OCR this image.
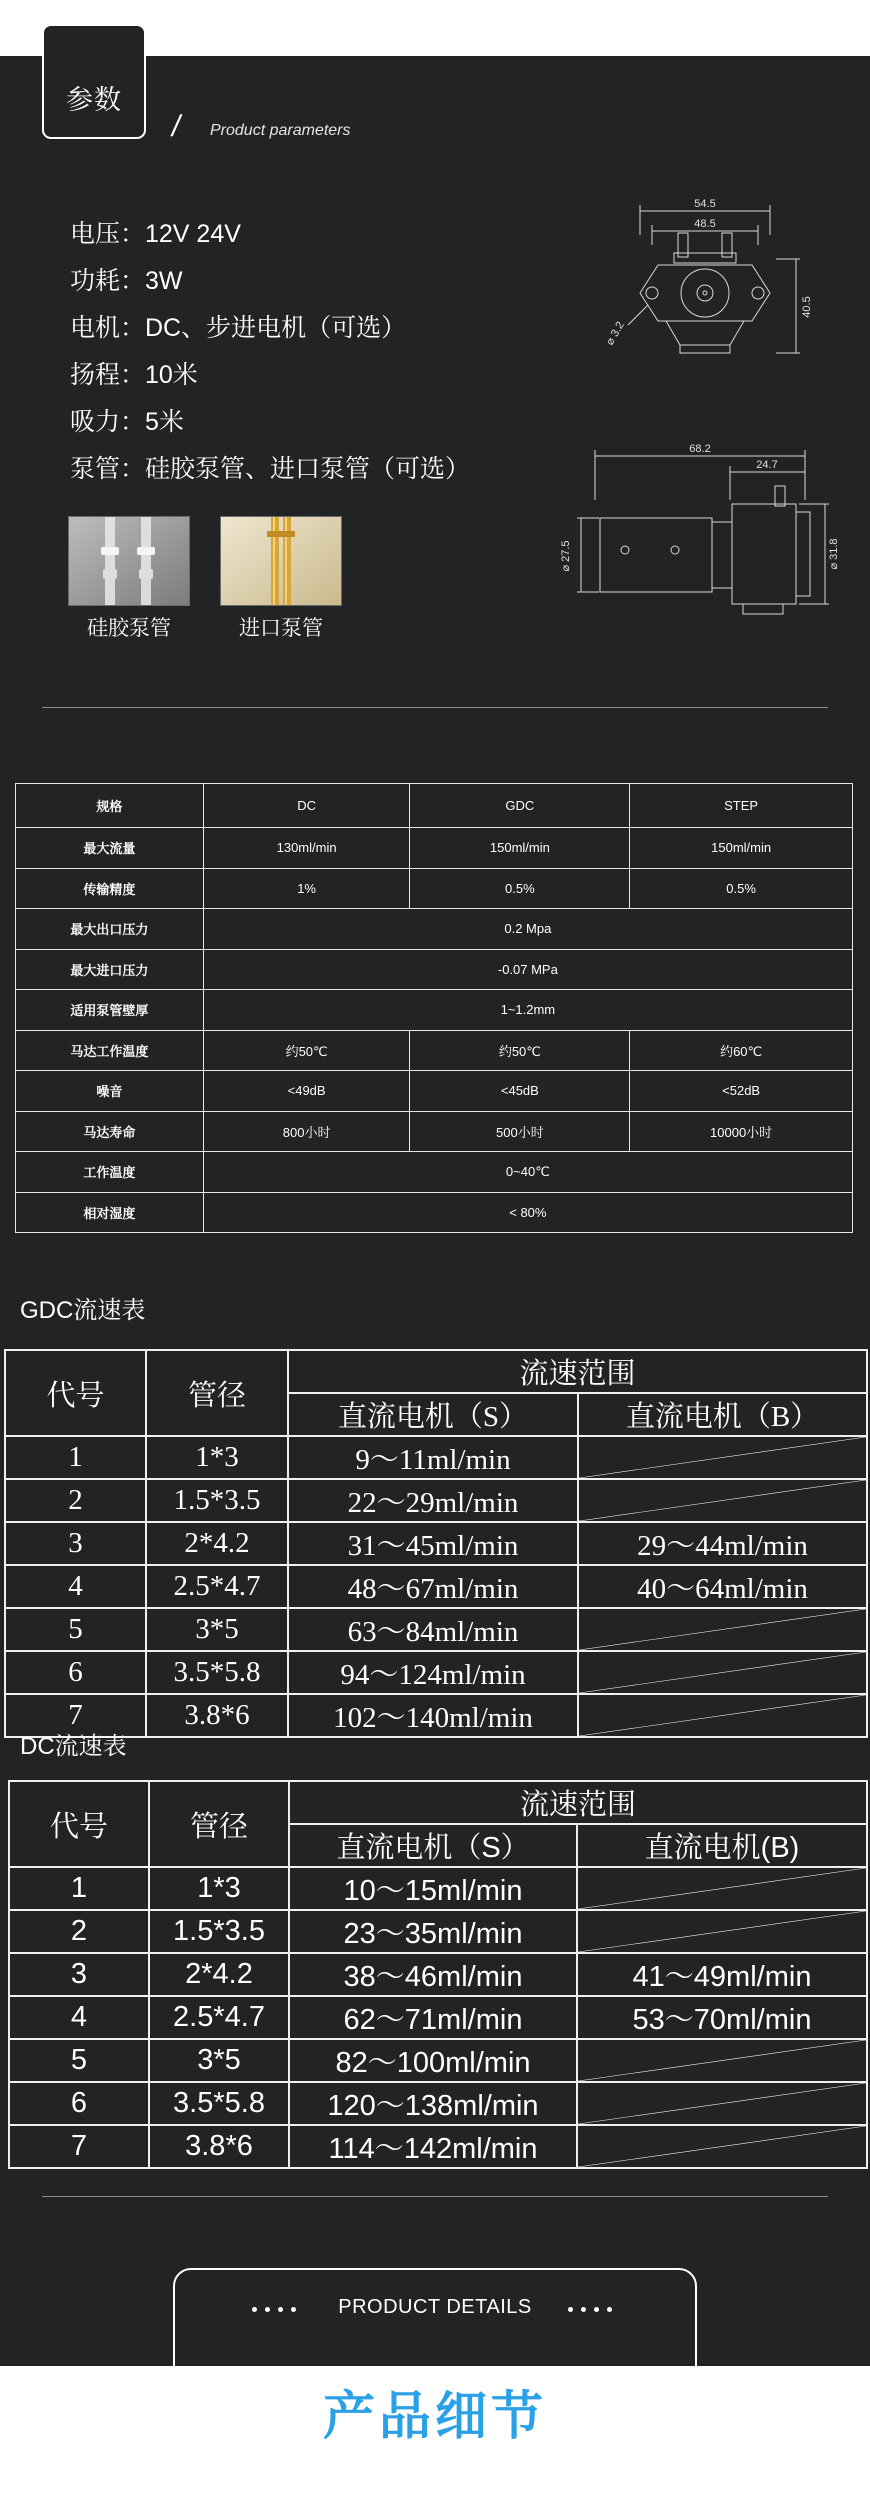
参数
/ Product parameters
电压：12V 24V
功耗：3W
电机：DC、步进电机（可选）
扬程：10米
吸力：5米
泵管：硅胶泵管、进口泵管（可选）
硅胶泵管	进口泵管
54.5
48.5
40.5
⌀ 3.2
68.2
24.7
⌀ 27.5	⌀ 31.8
规格	DC	GDC	STEP
最大流量	130ml/min	150ml/min	150ml/min
传输精度	1%	0.5%	0.5%
最大出口压力	0.2 Mpa		
最大进口压力	-0.07 MPa		
适用泵管壁厚	1~1.2mm		
马达工作温度	约50℃	约50℃	约60℃
噪音	<49dB	<45dB	<52dB
马达寿命	800小时	500小时	10000小时
工作温度	0~40℃		
相对湿度	< 80%		
GDC流速表
代号	管径	流速范围	
		直流电机（S）	直流电机（B）
1	1*3	9～11ml/min	

2	1.5*3.5	22～29ml/min	

3	2*4.2	31～45ml/min	29～44ml/min
4	2.5*4.7	48～67ml/min	40～64ml/min
5	3*5	63～84ml/min	

6	3.5*5.8	94～124ml/min	

7	3.8*6	102～140ml/min	
DC流速表
代号	管径	流速范围	
		直流电机（S）	直流电机(B)
1	1*3	10～15ml/min	

2	1.5*3.5	23～35ml/min	

3	2*4.2	38～46ml/min	41～49ml/min
4	2.5*4.7	62～71ml/min	53～70ml/min
5	3*5	82～100ml/min	

6	3.5*5.8	120～138ml/min	

7	3.8*6	114～142ml/min	
PRODUCT DETAILS
产品细节
